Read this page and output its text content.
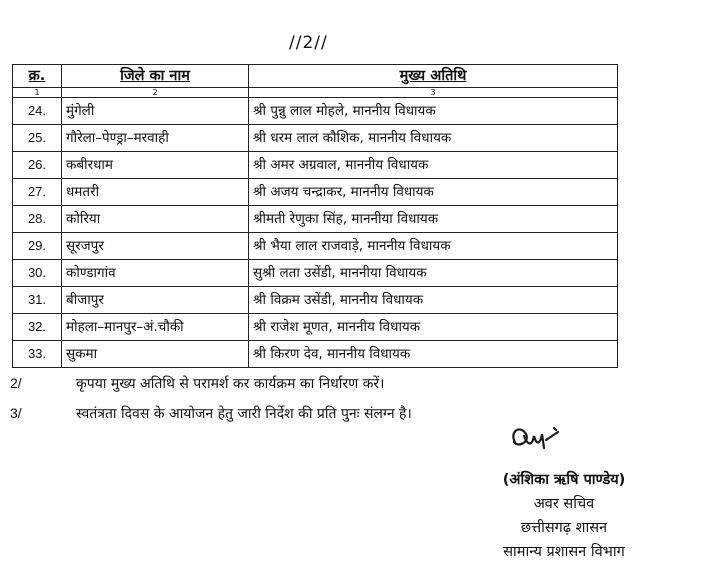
//2//
क्र.	जिले का नाम	मुख्य अतिथि
1	2	3
24.	मुंगेली	श्री पुन्नु लाल मोहले, माननीय विधायक
25.	गौरेला–पेण्ड्रा–मरवाही	श्री धरम लाल कौशिक, माननीय विधायक
26.	कबीरधाम	श्री अमर अग्रवाल, माननीय विधायक
27.	धमतरी	श्री अजय चन्द्राकर, माननीय विधायक
28.	कोरिया	श्रीमती रेणुका सिंह, माननीया विधायक
29.	सूरजपुर	श्री भैया लाल राजवाड़े, माननीय विधायक
30.	कोण्डागांव	सुश्री लता उसेंडी, माननीया विधायक
31.	बीजापुर	श्री विक्रम उसेंडी, माननीय विधायक
32.	मोहला–मानपुर–अं.चौकी	श्री राजेश मूणत, माननीय विधायक
33.	सुकमा	श्री किरण देव, माननीय विधायक
2/	कृपया मुख्य अतिथि से परामर्श कर कार्यक्रम का निर्धारण करें।
3/	स्वतंत्रता दिवस के आयोजन हेतु जारी निर्देश की प्रति पुनः संलग्न है।
(अंशिका ऋषि पाण्डेय)
अवर सचिव
छत्तीसगढ़ शासन
सामान्य प्रशासन विभाग
